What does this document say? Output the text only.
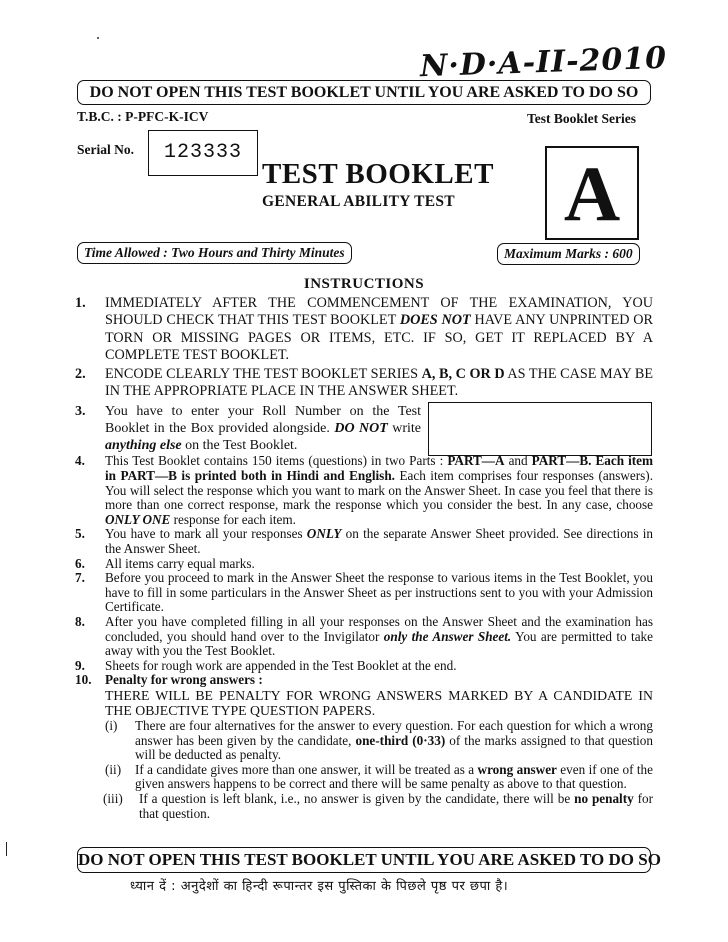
N·D·A-II-2010
DO NOT OPEN THIS TEST BOOKLET UNTIL YOU ARE ASKED TO DO SO
T.B.C. : P-PFC-K-ICV	Test Booklet Series
Serial No.	123333
TEST BOOKLET
GENERAL ABILITY TEST A
Time Allowed : Two Hours and Thirty Minutes	Maximum Marks : 600
INSTRUCTIONS
1. IMMEDIATELY AFTER THE COMMENCEMENT OF THE EXAMINATION, YOU SHOULD CHECK THAT THIS TEST BOOKLET DOES NOT HAVE ANY UNPRINTED OR TORN OR MISSING PAGES OR ITEMS, ETC. IF SO, GET IT REPLACED BY A COMPLETE TEST BOOKLET.
2. ENCODE CLEARLY THE TEST BOOKLET SERIES A, B, C OR D AS THE CASE MAY BE IN THE APPROPRIATE PLACE IN THE ANSWER SHEET.
3. You have to enter your Roll Number on the Test Booklet in the Box provided alongside. DO NOT write anything else on the Test Booklet.
4. This Test Booklet contains 150 items (questions) in two Parts : PART—A and PART—B. Each item in PART—B is printed both in Hindi and English. Each item comprises four responses (answers). You will select the response which you want to mark on the Answer Sheet. In case you feel that there is more than one correct response, mark the response which you consider the best. In any case, choose ONLY ONE response for each item.
5. You have to mark all your responses ONLY on the separate Answer Sheet provided. See directions in the Answer Sheet.
6. All items carry equal marks.
7. Before you proceed to mark in the Answer Sheet the response to various items in the Test Booklet, you have to fill in some particulars in the Answer Sheet as per instructions sent to you with your Admission Certificate.
8. After you have completed filling in all your responses on the Answer Sheet and the examination has concluded, you should hand over to the Invigilator only the Answer Sheet. You are permitted to take away with you the Test Booklet.
9. Sheets for rough work are appended in the Test Booklet at the end.
10. Penalty for wrong answers :
THERE WILL BE PENALTY FOR WRONG ANSWERS MARKED BY A CANDIDATE IN THE OBJECTIVE TYPE QUESTION PAPERS.
(i) There are four alternatives for the answer to every question. For each question for which a wrong answer has been given by the candidate, one-third (0·33) of the marks assigned to that question will be deducted as penalty.
(ii) If a candidate gives more than one answer, it will be treated as a wrong answer even if one of the given answers happens to be correct and there will be same penalty as above to that question.
(iii) If a question is left blank, i.e., no answer is given by the candidate, there will be no penalty for that question.
DO NOT OPEN THIS TEST BOOKLET UNTIL YOU ARE ASKED TO DO SO
ध्यान दें : अनुदेशों का हिन्दी रूपान्तर इस पुस्तिका के पिछले पृष्ठ पर छपा है।
